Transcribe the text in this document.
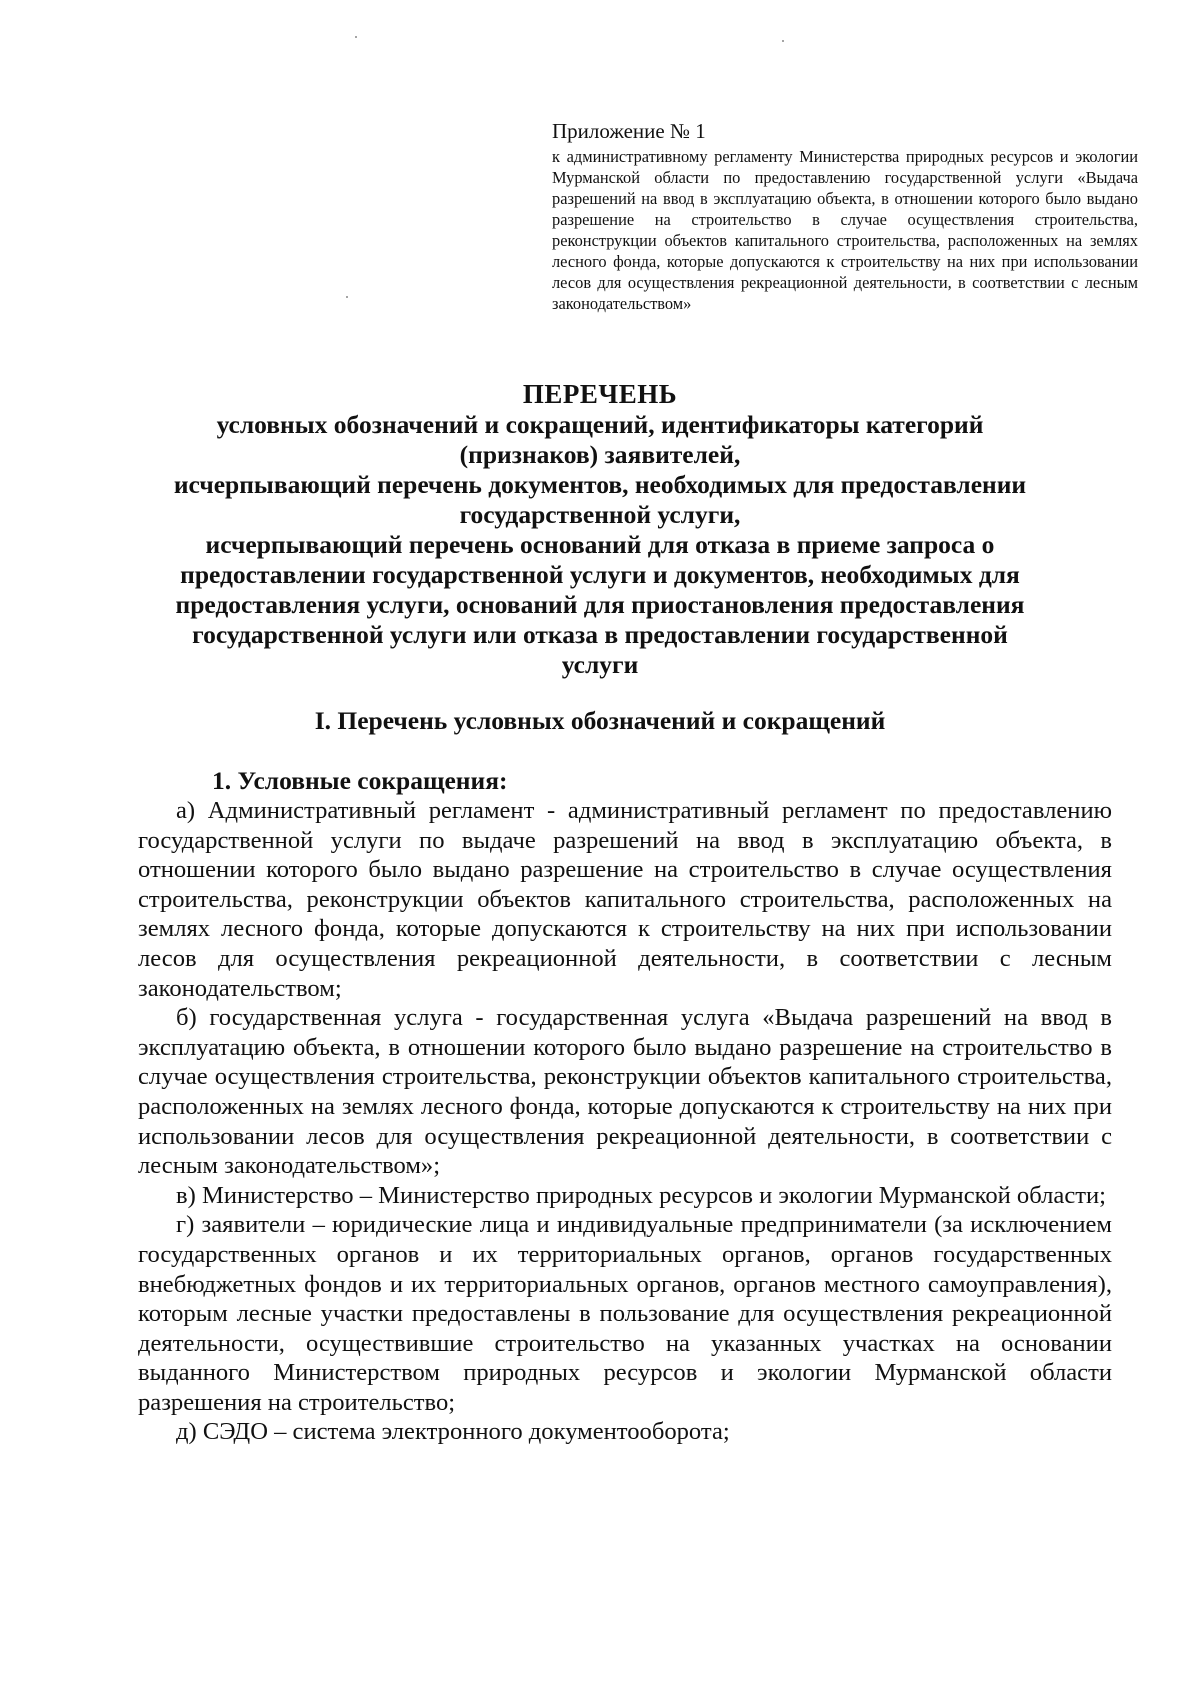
Приложение № 1

к административному регламенту Министерства природных ресурсов и экологии Мурманской области по предоставлению государственной услуги «Выдача разрешений на ввод в эксплуатацию объекта, в отношении которого было выдано разрешение на строительство в случае осуществления строительства, реконструкции объектов капитального строительства, расположенных на землях лесного фонда, которые допускаются к строительству на них при использовании лесов для осуществления рекреационной деятельности, в соответствии с лесным законодательством»

ПЕРЕЧЕНЬ
условных обозначений и сокращений, идентификаторы категорий
(признаков) заявителей,
исчерпывающий перечень документов, необходимых для предоставлении
государственной услуги,
исчерпывающий перечень оснований для отказа в приеме запроса о
предоставлении государственной услуги и документов, необходимых для
предоставления услуги, оснований для приостановления предоставления
государственной услуги или отказа в предоставлении государственной
услуги
I. Перечень условных обозначений и сокращений
1. Условные сокращения:

а) Административный регламент - административный регламент по предоставлению государственной услуги по выдаче разрешений на ввод в эксплуатацию объекта, в отношении которого было выдано разрешение на строительство в случае осуществления строительства, реконструкции объектов капитального строительства, расположенных на землях лесного фонда, которые допускаются к строительству на них при использовании лесов для осуществления рекреационной деятельности, в соответствии с лесным законодательством;

б) государственная услуга - государственная услуга «Выдача разрешений на ввод в эксплуатацию объекта, в отношении которого было выдано разрешение на строительство в случае осуществления строительства, реконструкции объектов капитального строительства, расположенных на землях лесного фонда, которые допускаются к строительству на них при использовании лесов для осуществления рекреационной деятельности, в соответствии с лесным законодательством»;

в) Министерство – Министерство природных ресурсов и экологии Мурманской области;

г) заявители – юридические лица и индивидуальные предприниматели (за исключением государственных органов и их территориальных органов, органов государственных внебюджетных фондов и их территориальных органов, органов местного самоуправления), которым лесные участки предоставлены в пользование для осуществления рекреационной деятельности, осуществившие строительство на указанных участках на основании выданного Министерством природных ресурсов и экологии Мурманской области разрешения на строительство;

д) СЭДО – система электронного документооборота;
